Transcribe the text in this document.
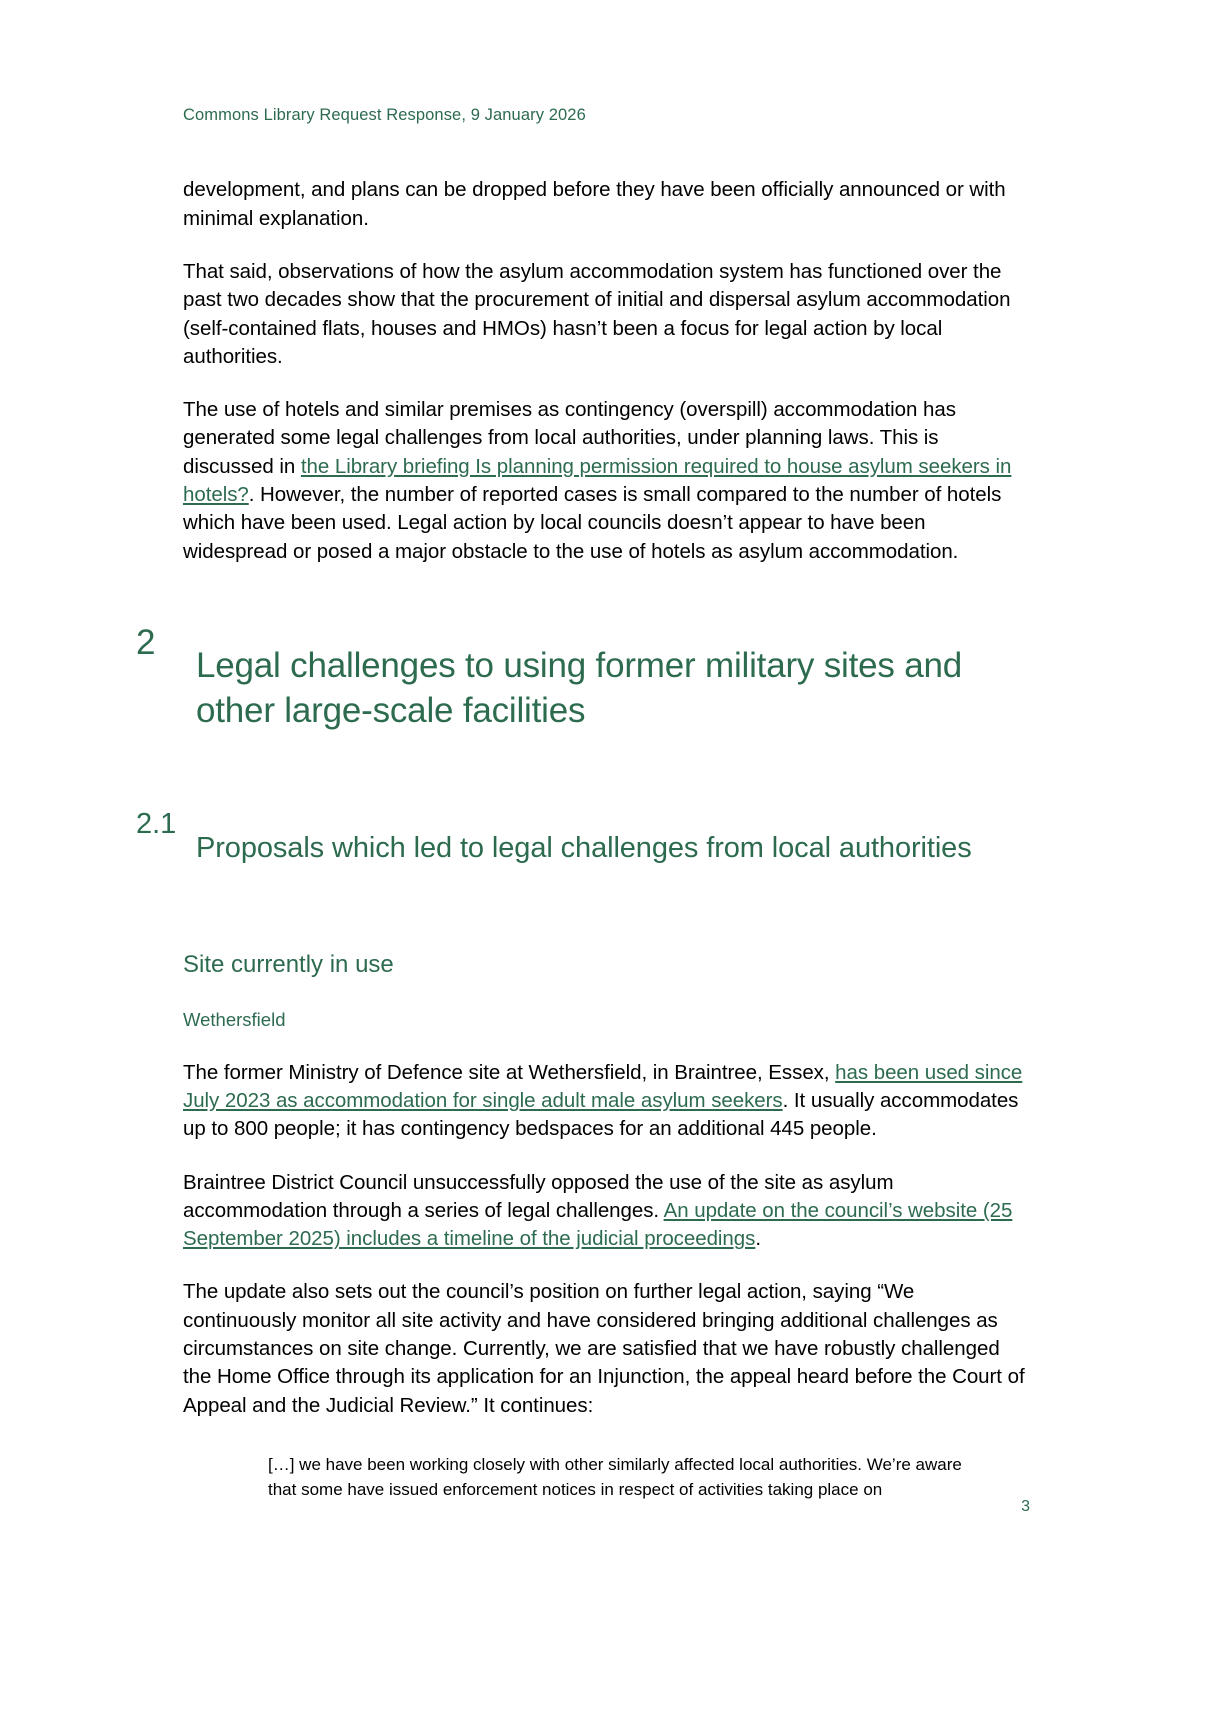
Commons Library Request Response, 9 January 2026

development, and plans can be dropped before they have been officially announced or with minimal explanation.

That said, observations of how the asylum accommodation system has functioned over the past two decades show that the procurement of initial and dispersal asylum accommodation (self-contained flats, houses and HMOs) hasn’t been a focus for legal action by local authorities.

The use of hotels and similar premises as contingency (overspill) accommodation has generated some legal challenges from local authorities, under planning laws. This is discussed in the Library briefing Is planning permission required to house asylum seekers in hotels?. However, the number of reported cases is small compared to the number of hotels which have been used. Legal action by local councils doesn’t appear to have been widespread or posed a major obstacle to the use of hotels as asylum accommodation.

2
Legal challenges to using former military sites and other large-scale facilities
2.1
Proposals which led to legal challenges from local authorities
Site currently in use
Wethersfield

The former Ministry of Defence site at Wethersfield, in Braintree, Essex, has been used since July 2023 as accommodation for single adult male asylum seekers. It usually accommodates up to 800 people; it has contingency bedspaces for an additional 445 people.

Braintree District Council unsuccessfully opposed the use of the site as asylum accommodation through a series of legal challenges. An update on the council’s website (25 September 2025) includes a timeline of the judicial proceedings.

The update also sets out the council’s position on further legal action, saying “We continuously monitor all site activity and have considered bringing additional challenges as circumstances on site change. Currently, we are satisfied that we have robustly challenged the Home Office through its application for an Injunction, the appeal heard before the Court of Appeal and the Judicial Review.” It continues:

[…] we have been working closely with other similarly affected local authorities. We’re aware that some have issued enforcement notices in respect of activities taking place on
3
